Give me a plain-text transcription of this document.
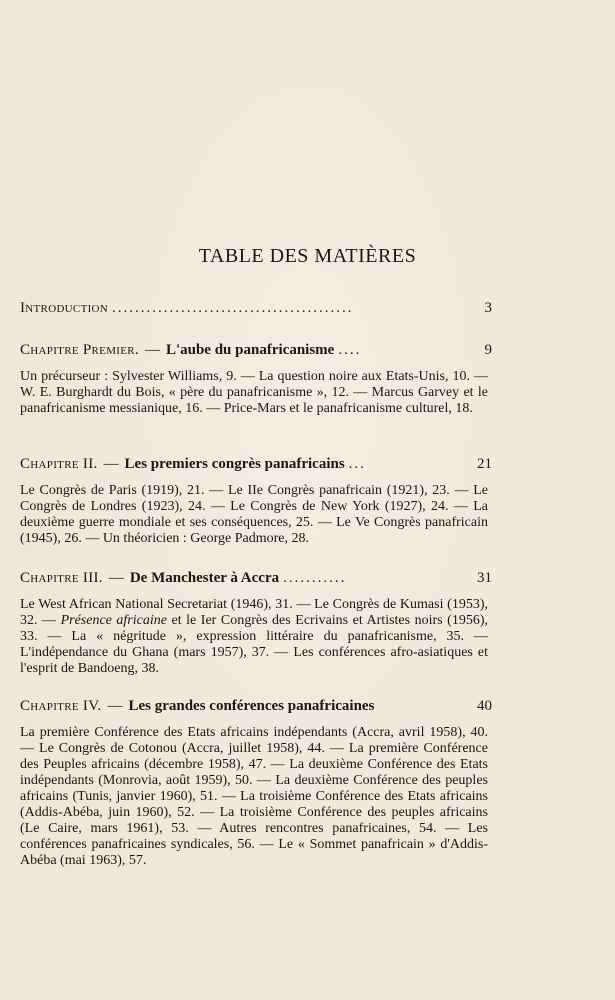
TABLE DES MATIÈRES
Introduction ..........................................	3
Chapitre Premier. — L'aube du panafricanisme ....	9
Un précurseur : Sylvester Williams, 9. — La question noire aux Etats-Unis, 10. — W. E. Burghardt du Bois, « père du panafricanisme », 12. — Marcus Garvey et le panafricanisme messianique, 16. — Price-Mars et le panafricanisme culturel, 18.
Chapitre II. — Les premiers congrès panafricains ...	21
Le Congrès de Paris (1919), 21. — Le IIe Congrès panafricain (1921), 23. — Le Congrès de Londres (1923), 24. — Le Congrès de New York (1927), 24. — La deuxième guerre mondiale et ses conséquences, 25. — Le Ve Congrès panafricain (1945), 26. — Un théoricien : George Padmore, 28.
Chapitre III. — De Manchester à Accra ...........	31
Le West African National Secretariat (1946), 31. — Le Congrès de Kumasi (1953), 32. — Présence africaine et le Ier Congrès des Ecrivains et Artistes noirs (1956), 33. — La « négritude », expression littéraire du panafricanisme, 35. — L'indépendance du Ghana (mars 1957), 37. — Les conférences afro-asiatiques et l'esprit de Bandoeng, 38.
Chapitre IV. — Les grandes conférences panafricaines	40
La première Conférence des Etats africains indépendants (Accra, avril 1958), 40. — Le Congrès de Cotonou (Accra, juillet 1958), 44. — La première Conférence des Peuples africains (décembre 1958), 47. — La deuxième Conférence des Etats indépendants (Monrovia, août 1959), 50. — La deuxième Conférence des peuples africains (Tunis, janvier 1960), 51. — La troisième Conférence des Etats africains (Addis-Abéba, juin 1960), 52. — La troisième Conférence des peuples africains (Le Caire, mars 1961), 53. — Autres rencontres panafricaines, 54. — Les conférences panafricaines syndicales, 56. — Le « Sommet panafricain » d'Addis-Abéba (mai 1963), 57.
